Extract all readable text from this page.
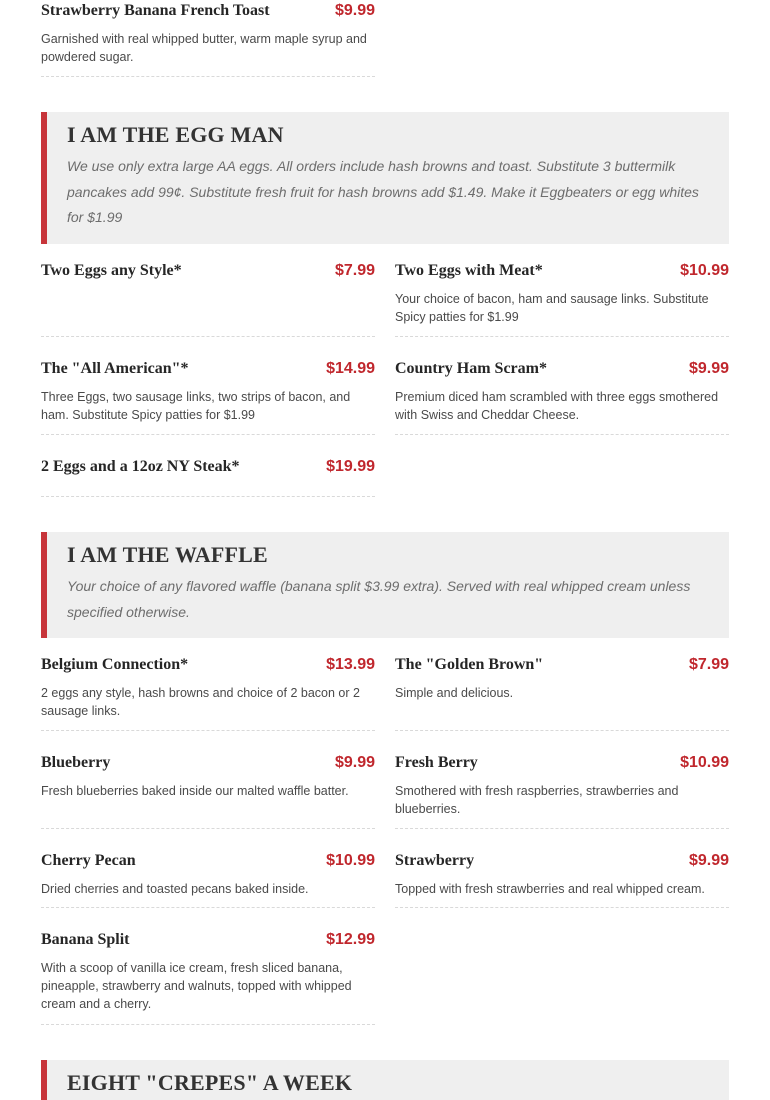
Strawberry Banana French Toast	$9.99
Garnished with real whipped butter, warm maple syrup and powdered sugar.
I AM THE EGG MAN
We use only extra large AA eggs. All orders include hash browns and toast. Substitute 3 buttermilk pancakes add 99¢. Substitute fresh fruit for hash browns add $1.49. Make it Eggbeaters or egg whites for $1.99
Two Eggs any Style*	$7.99 Two Eggs with Meat*	$10.99
Your choice of bacon, ham and sausage links. Substitute Spicy patties for $1.99
The "All American"*	$14.99
Three Eggs, two sausage links, two strips of bacon, and ham. Substitute Spicy patties for $1.99
Country Ham Scram*	$9.99
Premium diced ham scrambled with three eggs smothered with Swiss and Cheddar Cheese.
2 Eggs and a 12oz NY Steak*	$19.99
I AM THE WAFFLE
Your choice of any flavored waffle (banana split $3.99 extra). Served with real whipped cream unless specified otherwise.
Belgium Connection*	$13.99
2 eggs any style, hash browns and choice of 2 bacon or 2 sausage links.
The "Golden Brown"	$7.99
Simple and delicious.
Blueberry	$9.99
Fresh blueberries baked inside our malted waffle batter.
Fresh Berry	$10.99
Smothered with fresh raspberries, strawberries and blueberries.
Cherry Pecan	$10.99
Dried cherries and toasted pecans baked inside.
Strawberry	$9.99
Topped with fresh strawberries and real whipped cream.
Banana Split	$12.99
With a scoop of vanilla ice cream, fresh sliced banana, pineapple, strawberry and walnuts, topped with whipped cream and a cherry.
EIGHT "CREPES" A WEEK
